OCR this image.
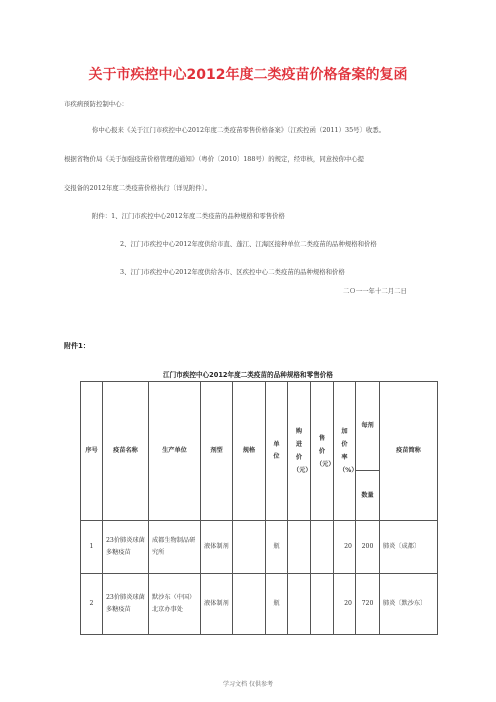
关于市疾控中心2012年度二类疫苗价格备案的复函
市疾病预防控制中心：
你中心报来《关于江门市疾控中心2012年度二类疫苗零售价格备案》〔江疾控函（2011）35号〕收悉。
根据省物价局《关于加强疫苗价格管理的通知》（粤价〔2010〕188号）的规定，经审核，同意按你中心提
交报备的2012年度二类疫苗价格执行〔详见附件〕。
附件：1、江门市疾控中心2012年度二类疫苗的品种规格和零售价格
2、江门市疾控中心2012年度供给市直、蓬江、江海区接种单位二类疫苗的品种规格和价格
3、江门市疾控中心2012年度供给各市、区疾控中心二类疫苗的品种规格和价格
二Ｏ一一年十二月二日
附件1：
江门市疾控中心2012年度二类疫苗的品种规格和零售价格
序号	疫苗名称	生产单位	剂型	规格	单位	购进价（元）	售价（元）	加价率（%）	每剂	疫苗简称
									数量	
1	23价肺炎球菌多糖疫苗	成都生物制品研究所	液体制剂		瓶			20	200	肺炎〔成都〕
2	23价肺炎球菌多糖疫苗	默沙东（中国）北京办事处	液体制剂		瓶			20	720	肺炎〔默沙东〕
学习文档 仅供参考
